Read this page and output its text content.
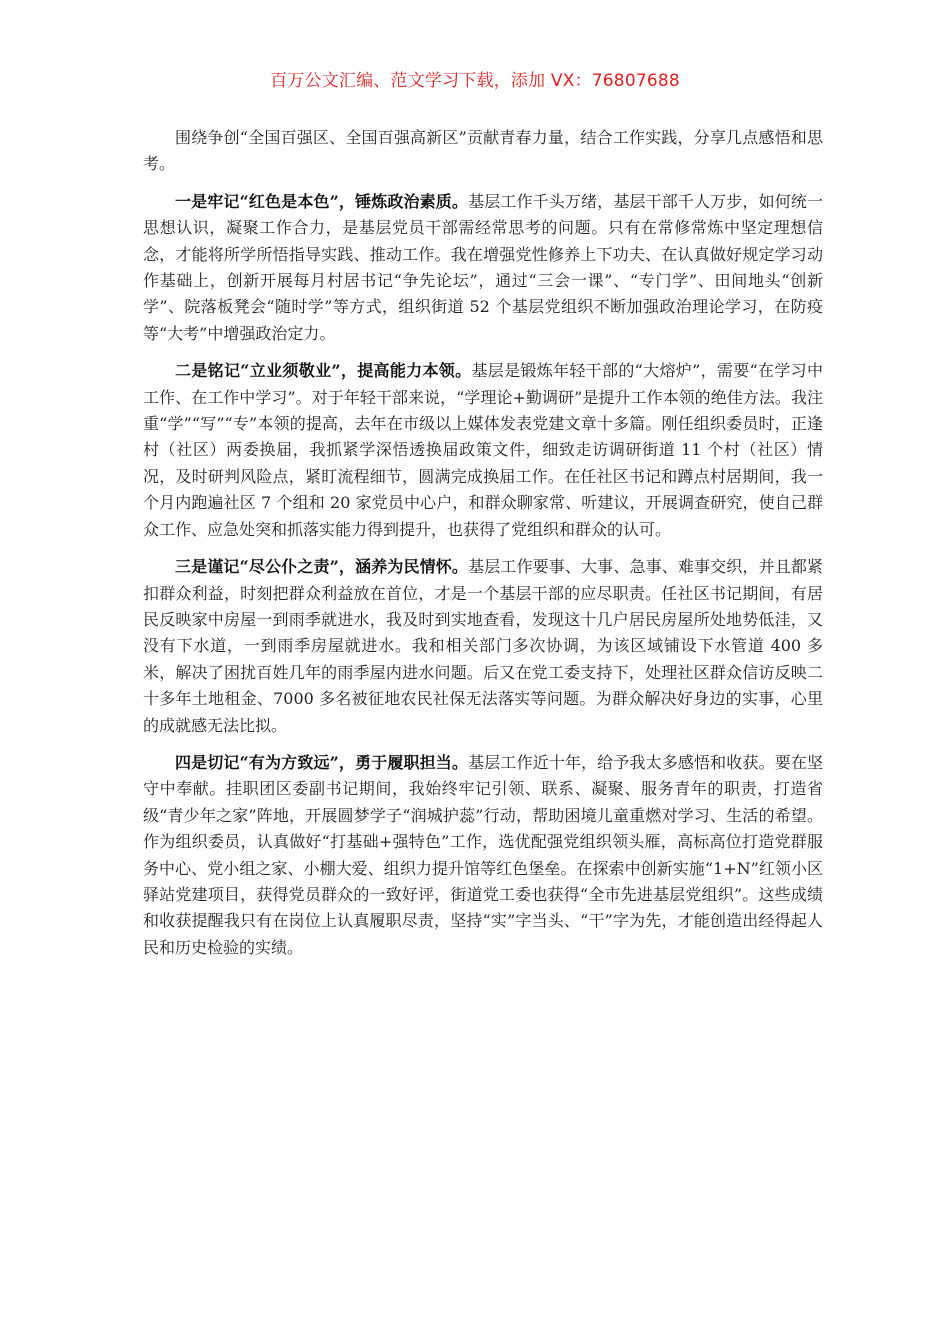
百万公文汇编、范文学习下载，添加 VX：76807688

围绕争创“全国百强区、全国百强高新区”贡献青春力量，结合工作实践，分享几点感悟和思考。

一是牢记“红色是本色”，锤炼政治素质。基层工作千头万绪，基层干部千人万步，如何统一思想认识，凝聚工作合力，是基层党员干部需经常思考的问题。只有在常修常炼中坚定理想信念，才能将所学所悟指导实践、推动工作。我在增强党性修养上下功夫、在认真做好规定学习动作基础上，创新开展每月村居书记“争先论坛”，通过“三会一课”、“专门学”、田间地头“创新学”、院落板凳会“随时学”等方式，组织街道 52 个基层党组织不断加强政治理论学习，在防疫等“大考”中增强政治定力。

二是铭记“立业须敬业”，提高能力本领。基层是锻炼年轻干部的“大熔炉”，需要“在学习中工作、在工作中学习”。对于年轻干部来说，“学理论+勤调研”是提升工作本领的绝佳方法。我注重“学”“写”“专”本领的提高，去年在市级以上媒体发表党建文章十多篇。刚任组织委员时，正逢村（社区）两委换届，我抓紧学深悟透换届政策文件，细致走访调研街道 11 个村（社区）情况，及时研判风险点，紧盯流程细节，圆满完成换届工作。在任社区书记和蹲点村居期间，我一个月内跑遍社区 7 个组和 20 家党员中心户，和群众聊家常、听建议，开展调查研究，使自己群众工作、应急处突和抓落实能力得到提升，也获得了党组织和群众的认可。

三是谨记“尽公仆之责”，涵养为民情怀。基层工作要事、大事、急事、难事交织，并且都紧扣群众利益，时刻把群众利益放在首位，才是一个基层干部的应尽职责。任社区书记期间，有居民反映家中房屋一到雨季就进水，我及时到实地查看，发现这十几户居民房屋所处地势低洼，又没有下水道，一到雨季房屋就进水。我和相关部门多次协调，为该区域铺设下水管道 400 多米，解决了困扰百姓几年的雨季屋内进水问题。后又在党工委支持下，处理社区群众信访反映二十多年土地租金、7000 多名被征地农民社保无法落实等问题。为群众解决好身边的实事，心里的成就感无法比拟。

四是切记“有为方致远”，勇于履职担当。基层工作近十年，给予我太多感悟和收获。要在坚守中奉献。挂职团区委副书记期间，我始终牢记引领、联系、凝聚、服务青年的职责，打造省级“青少年之家”阵地，开展圆梦学子“润城护蕊”行动，帮助困境儿童重燃对学习、生活的希望。作为组织委员，认真做好“打基础+强特色”工作，选优配强党组织领头雁，高标高位打造党群服务中心、党小组之家、小棚大爱、组织力提升馆等红色堡垒。在探索中创新实施“1+N”红领小区驿站党建项目，获得党员群众的一致好评，街道党工委也获得“全市先进基层党组织”。这些成绩和收获提醒我只有在岗位上认真履职尽责，坚持“实”字当头、“干”字为先，才能创造出经得起人民和历史检验的实绩。
